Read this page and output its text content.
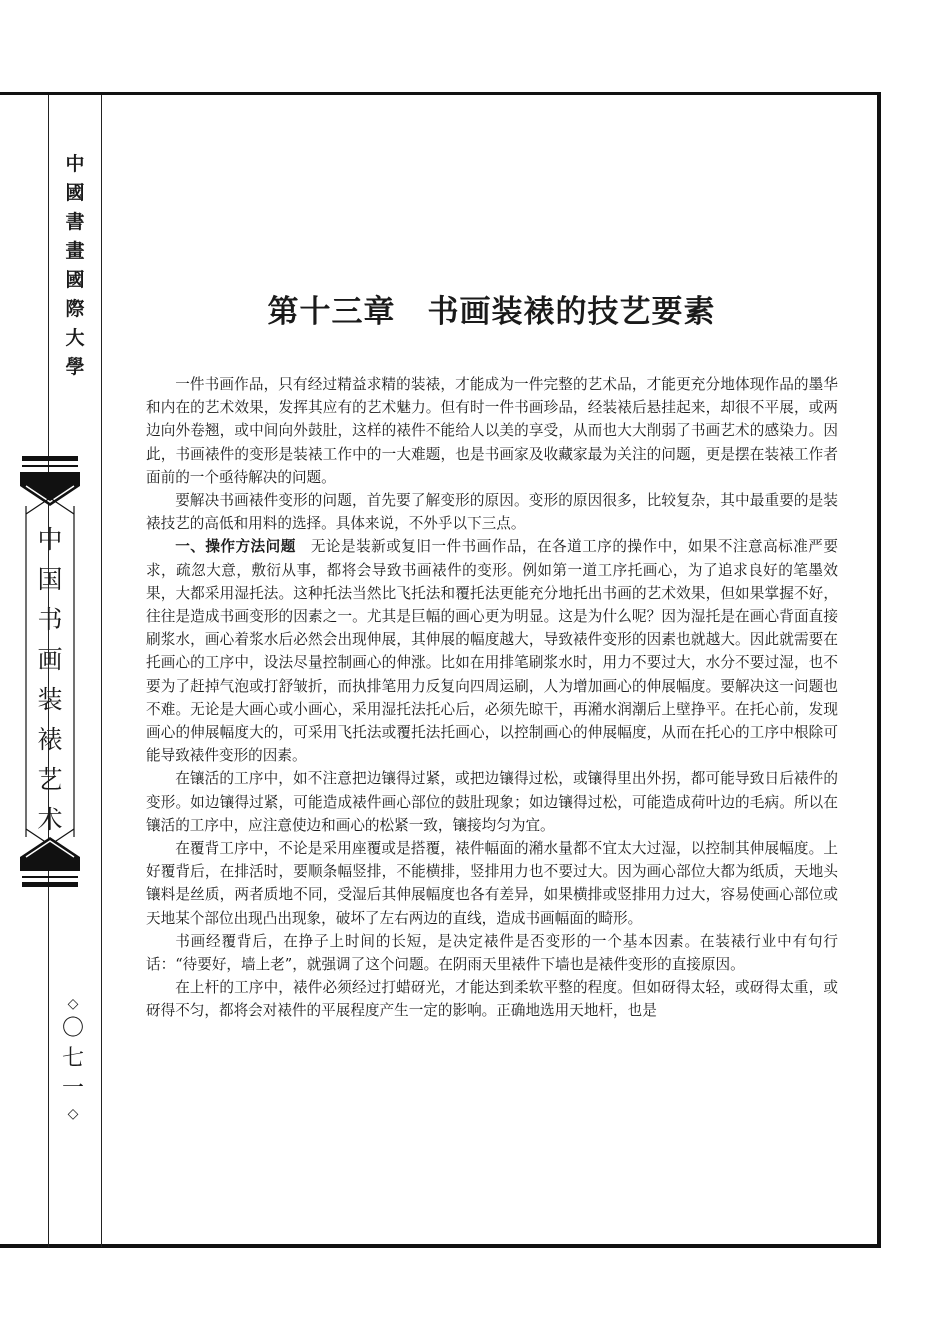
中
國
書
畫
國
際
大
學
中
国
书
画
装
裱
艺
术
◇
〇
七
一
◇
第十三章　书画装裱的技艺要素

一件书画作品，只有经过精益求精的装裱，才能成为一件完整的艺术品，才能更充分地体现作品的墨华和内在的艺术效果，发挥其应有的艺术魅力。但有时一件书画珍品，经装裱后悬挂起来，却很不平展，或两边向外卷翘，或中间向外鼓肚，这样的裱件不能给人以美的享受，从而也大大削弱了书画艺术的感染力。因此，书画裱件的变形是装裱工作中的一大难题，也是书画家及收藏家最为关注的问题，更是摆在装裱工作者面前的一个亟待解决的问题。

要解决书画裱件变形的问题，首先要了解变形的原因。变形的原因很多，比较复杂，其中最重要的是装裱技艺的高低和用料的选择。具体来说，不外乎以下三点。

一、操作方法问题　无论是装新或复旧一件书画作品，在各道工序的操作中，如果不注意高标准严要求，疏忽大意，敷衍从事，都将会导致书画裱件的变形。例如第一道工序托画心，为了追求良好的笔墨效果，大都采用湿托法。这种托法当然比飞托法和覆托法更能充分地托出书画的艺术效果，但如果掌握不好，往往是造成书画变形的因素之一。尤其是巨幅的画心更为明显。这是为什么呢？因为湿托是在画心背面直接刷浆水，画心着浆水后必然会出现伸展，其伸展的幅度越大，导致裱件变形的因素也就越大。因此就需要在托画心的工序中，设法尽量控制画心的伸涨。比如在用排笔刷浆水时，用力不要过大，水分不要过湿，也不要为了赶掉气泡或打舒皱折，而执排笔用力反复向四周运刷，人为增加画心的伸展幅度。要解决这一问题也不难。无论是大画心或小画心，采用湿托法托心后，必须先晾干，再潲水润潮后上壁挣平。在托心前，发现画心的伸展幅度大的，可采用飞托法或覆托法托画心，以控制画心的伸展幅度，从而在托心的工序中根除可能导致裱件变形的因素。

在镶活的工序中，如不注意把边镶得过紧，或把边镶得过松，或镶得里出外拐，都可能导致日后裱件的变形。如边镶得过紧，可能造成裱件画心部位的鼓肚现象；如边镶得过松，可能造成荷叶边的毛病。所以在镶活的工序中，应注意使边和画心的松紧一致，镶接均匀为宜。

在覆背工序中，不论是采用座覆或是搭覆，裱件幅面的潲水量都不宜太大过湿，以控制其伸展幅度。上好覆背后，在排活时，要顺条幅竖排，不能横排，竖排用力也不要过大。因为画心部位大都为纸质，天地头镶料是丝质，两者质地不同，受湿后其伸展幅度也各有差异，如果横排或竖排用力过大，容易使画心部位或天地某个部位出现凸出现象，破坏了左右两边的直线，造成书画幅面的畸形。

书画经覆背后，在挣子上时间的长短，是决定裱件是否变形的一个基本因素。在装裱行业中有句行话：“待要好，墙上老”，就强调了这个问题。在阴雨天里裱件下墙也是裱件变形的直接原因。

在上杆的工序中，裱件必须经过打蜡砑光，才能达到柔软平整的程度。但如砑得太轻，或砑得太重，或砑得不匀，都将会对裱件的平展程度产生一定的影响。正确地选用天地杆，也是
